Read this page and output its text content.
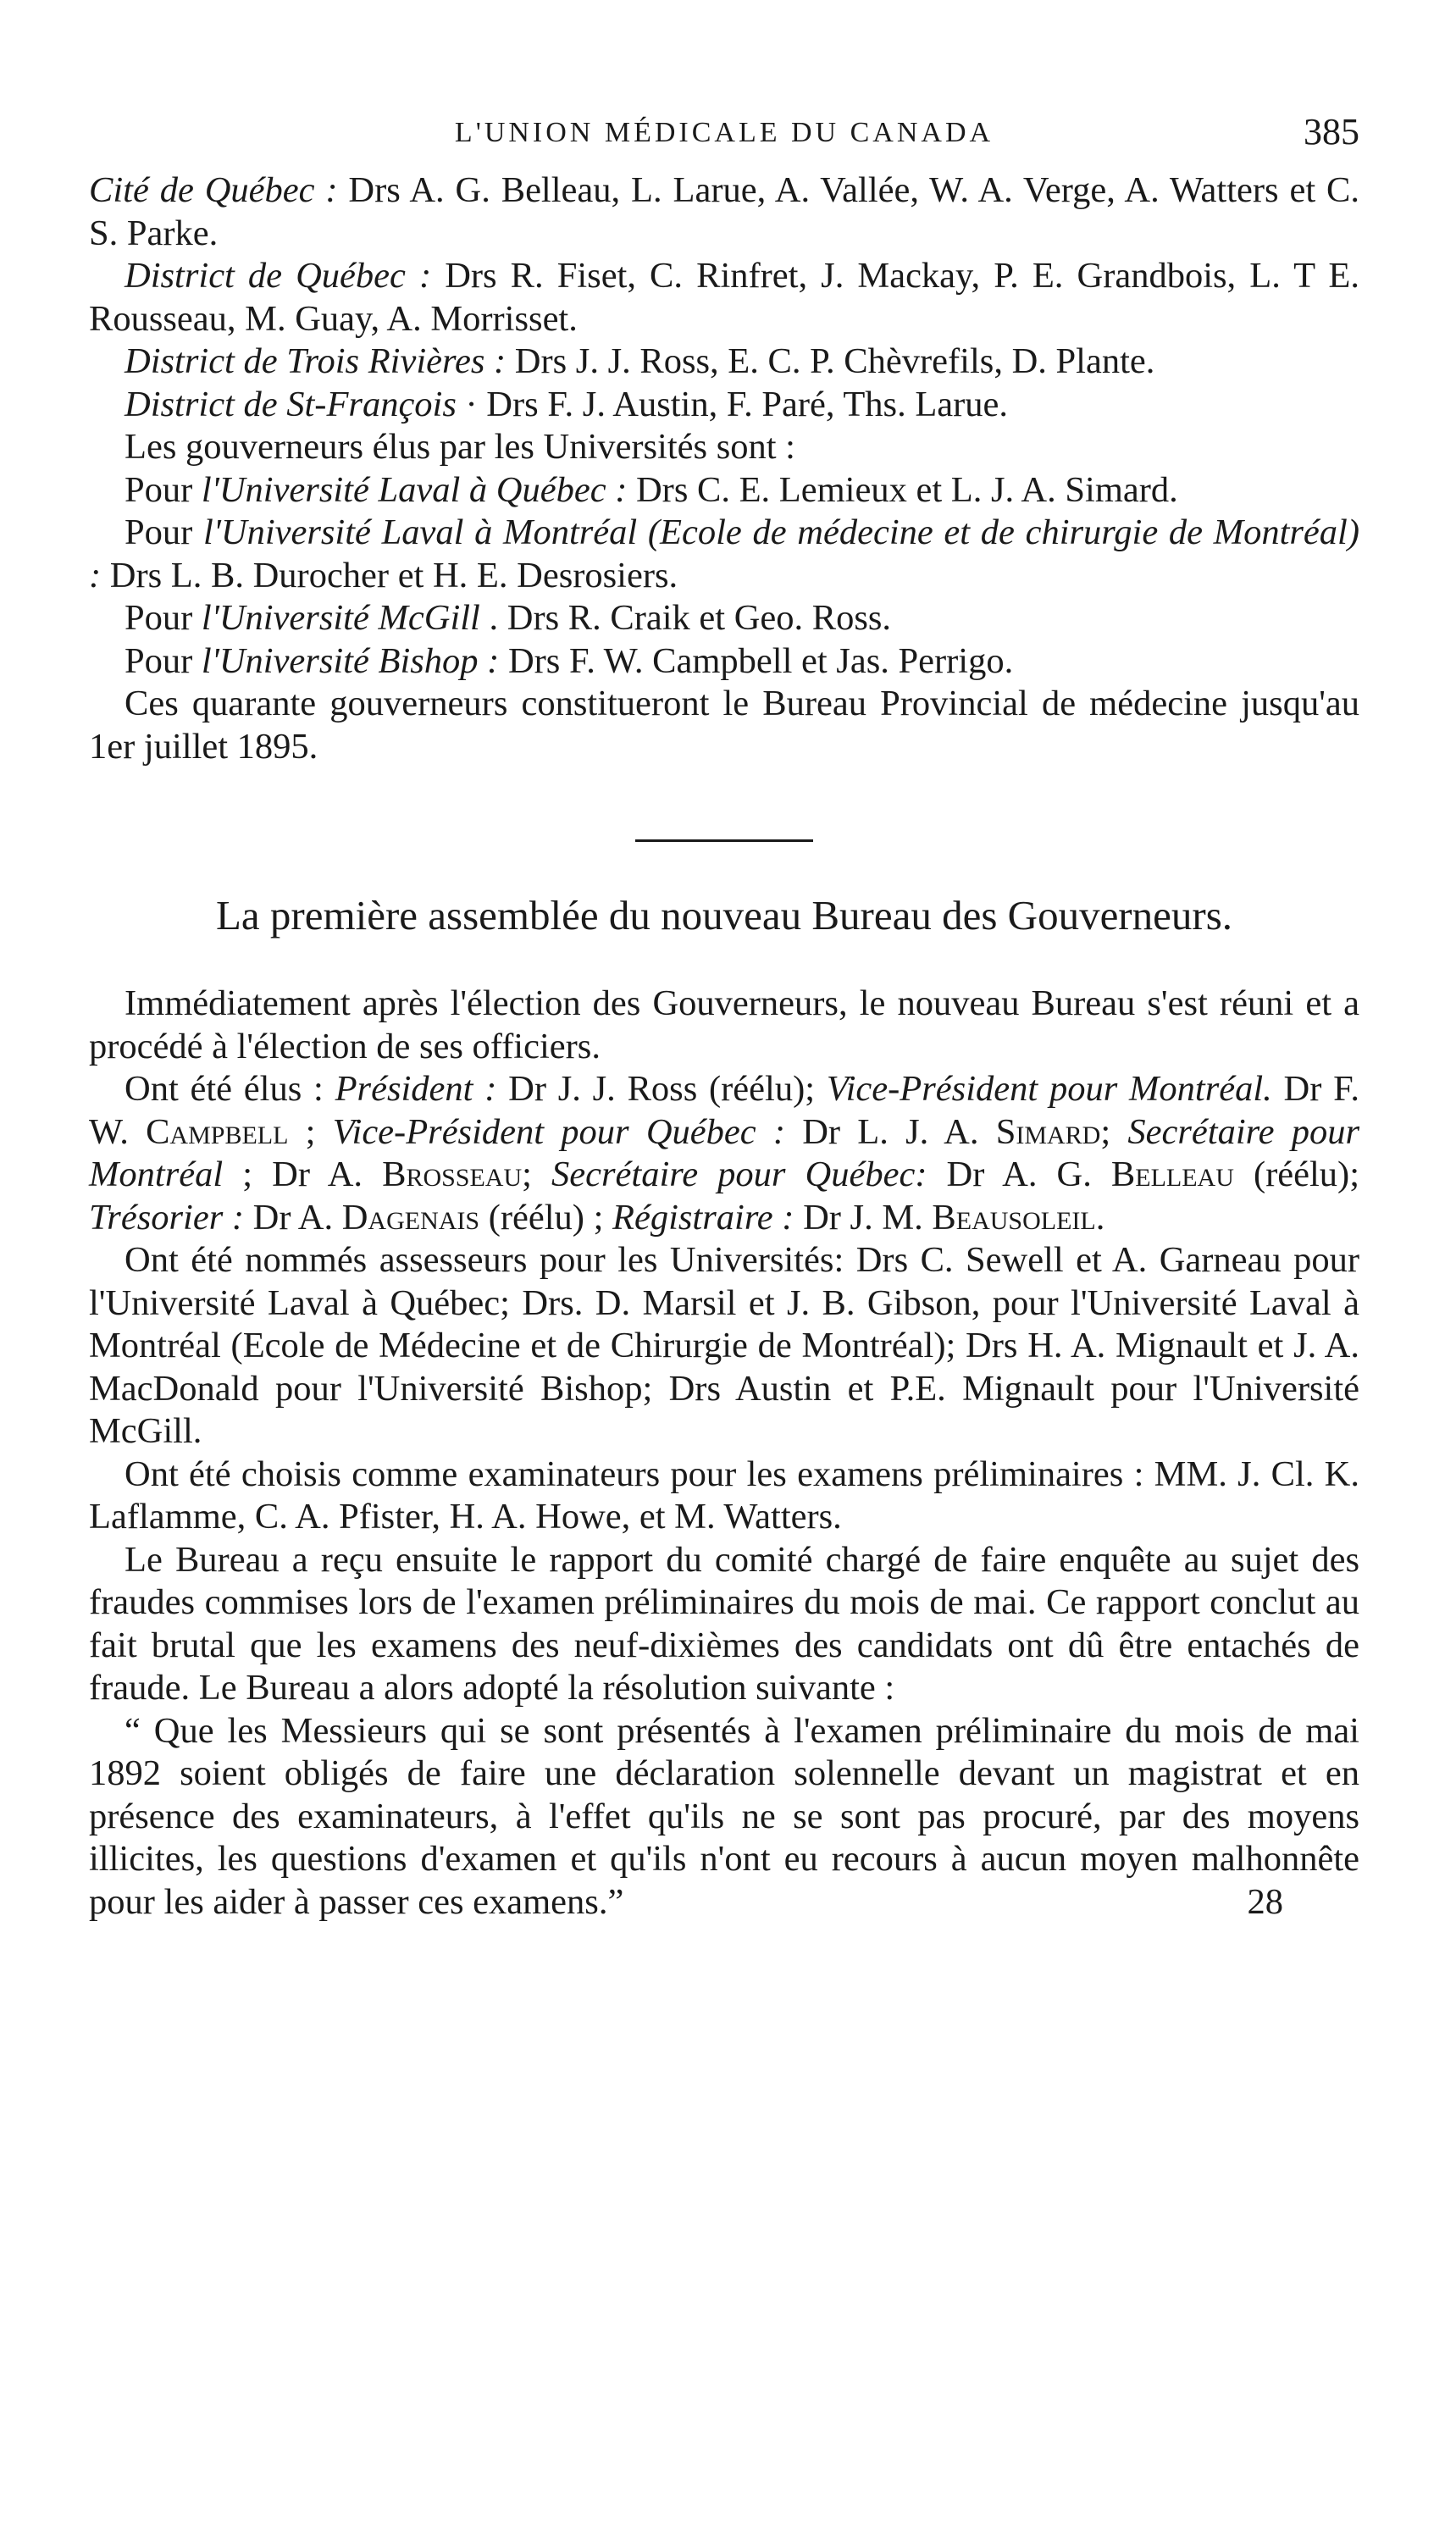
L'UNION MÉDICALE DU CANADA	385

Cité de Québec : Drs A. G. Belleau, L. Larue, A. Vallée, W. A. Verge, A. Watters et C. S. Parke.

District de Québec : Drs R. Fiset, C. Rinfret, J. Mackay, P. E. Grandbois, L. T E. Rousseau, M. Guay, A. Morrisset.

District de Trois Rivières : Drs J. J. Ross, E. C. P. Chèvrefils, D. Plante.

District de St-François · Drs F. J. Austin, F. Paré, Ths. Larue.

Les gouverneurs élus par les Universités sont :

Pour l'Université Laval à Québec : Drs C. E. Lemieux et L. J. A. Simard.

Pour l'Université Laval à Montréal (Ecole de médecine et de chirurgie de Montréal) : Drs L. B. Durocher et H. E. Desrosiers.

Pour l'Université McGill . Drs R. Craik et Geo. Ross.

Pour l'Université Bishop : Drs F. W. Campbell et Jas. Perrigo.

Ces quarante gouverneurs constitueront le Bureau Provincial de médecine jusqu'au 1er juillet 1895.

La première assemblée du nouveau Bureau des Gouverneurs.

Immédiatement après l'élection des Gouverneurs, le nouveau Bureau s'est réuni et a procédé à l'élection de ses officiers.

Ont été élus : Président : Dr J. J. Ross (réélu); Vice-Président pour Montréal. Dr F. W. Campbell ; Vice-Président pour Québec : Dr L. J. A. Simard; Secrétaire pour Montréal ; Dr A. Brosseau; Secrétaire pour Québec: Dr A. G. Belleau (réélu); Trésorier : Dr A. Dagenais (réélu) ; Régistraire : Dr J. M. Beausoleil.

Ont été nommés assesseurs pour les Universités: Drs C. Sewell et A. Garneau pour l'Université Laval à Québec; Drs. D. Marsil et J. B. Gibson, pour l'Université Laval à Montréal (Ecole de Médecine et de Chirurgie de Montréal); Drs H. A. Mignault et J. A. MacDonald pour l'Université Bishop; Drs Austin et P.E. Mignault pour l'Université McGill.

Ont été choisis comme examinateurs pour les examens préliminaires : MM. J. Cl. K. Laflamme, C. A. Pfister, H. A. Howe, et M. Watters.

Le Bureau a reçu ensuite le rapport du comité chargé de faire enquête au sujet des fraudes commises lors de l'examen préliminaires du mois de mai. Ce rapport conclut au fait brutal que les examens des neuf-dixièmes des candidats ont dû être entachés de fraude. Le Bureau a alors adopté la résolution suivante :

“ Que les Messieurs qui se sont présentés à l'examen préliminaire du mois de mai 1892 soient obligés de faire une déclaration solennelle devant un magistrat et en présence des examinateurs, à l'effet qu'ils ne se sont pas procuré, par des moyens illicites, les questions d'examen et qu'ils n'ont eu recours à aucun moyen malhonnête pour les aider à passer ces examens.”	28
